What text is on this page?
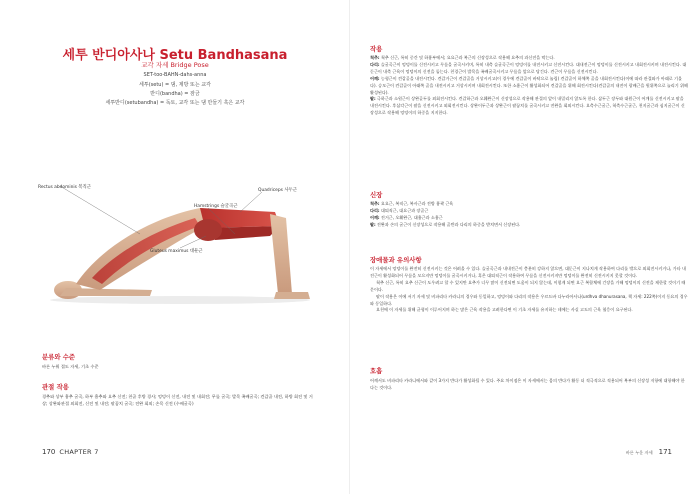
세투 반디아사나 Setu Bandhasana
교각 자세 Bridge Pose
SET-too-BAHN-dahs-anna
세투(setu) = 댐, 제방 또는 교각
반디(bandha) = 잠금
세투반디(setubandha) = 독토, 교각 또는 댐 만들기 혹은 교각
Quadriceps 사두근
Rectus abdominis 복직근
Hamstrings 슬굴곡근
Gluteus maximus 대둔근
분류와 수준
바른 누워 접도 자세, 기초 수준
관절 작용
경추와 상부 흉추 굴곡, 하부 흉추와 요추 신전; 천골 후방 경사; 엉덩이 신전, 내전 및 내회전; 무릎 굴곡; 발목 족배굴곡; 견갑골 내전, 하방 회전 및 거상; 상완와관절 외회전, 신전 및 내전; 팔꿈치 굴곡; 전완 회외; 손목 신전 (수배굴곡)
170 CHAPTER 7
작용

척추: 척추 신근, 특히 중간 및 하흉부에서; 요요근과 복근의 신장성으로 작용해 요추의 과신전을 막는다.

다리: 슬굴곡근이 엉덩이를 신전시키고 무릎을 굴곡시키며, 특히 내측 슬굴곡근이 엉덩이를 내전시키고 신전시킨다. 대내전근이 엉덩이를 신전시키고 내회전시키며 내전시킨다. 대둔근이 내측 근육이 엉덩이의 신전을 돕는다. 천경근이 발목을 족배굴곡시키고 무릎을 앞으로 당긴다. 견근이 무릎을 신전시킨다.

어깨: 능형근이 견갑골을 내전시킨다. 견갑거근이 견갑골을 거상시키고(이 경우에 견갑골이 바닥으로 눌림) 견갑골이 하체쪽 골을 내회전시킨다(이에 따라 관절와가 아래로 기울다). 승모근이 견갑골이 아래쪽 골을 내전시키고 거상시키며 내회전시킨다. 또한 소흉근이 활성화되어 견갑골을 위해 회전시킨다(견갑골의 내전이 광배근을 원위쪽으로 늘리기 위해 활성된다).

팔: 극하근과 소원근이 상완골두를 외회전시킨다. 견갑하근과 오훼완근이 신장성으로 작용해 관절의 앞이 내밀리지 않도록 한다. 삼두근 장두와 대원근이 어깨를 신전시키고 팔을 내전시킨다. 후삼각근이 팔을 신전시키고 외회전시킨다. 상완이두근과 상완근이 팔꿈치를 굴곡시키고 전완을 회외시킨다. 요측수근굴근, 척측수근굴근, 천지굴근과 심지굴근이 신장성으로 작용해 엉덩이의 하중을 지지한다.

신장

척추: 요요근, 복직근, 복사근과 전방 흉곽 근육

다리: 대퇴직근, 대요근과 장골근

어깨: 전거근, 오훼완근, 대흉근과 소흉근

팔: 전완과 손의 굴근이 신장성으로 작용해 골반과 다리의 하중을 받치면서 신장된다.

장애물과 유의사항

이 자세에서 엉덩이를 완전히 신전시키는 것은 어려울 수 있다. 슬굴곡근과 내내전근이 충분히 강하지 않으면, 대둔근이 지나치게 작용하여 다리를 밖으로 외회전시키거나, 가타 내전근이 활성화되어 무릎을 모으지만 엉덩이를 굴곡시키거나, 혹은 대퇴직근이 작용하여 무릎을 신전시키지만 엉덩이를 완전히 신전시키지 못할 것이다.

척추 신근, 특히 요추 신근이 도우려고 할 수 있지만 요추가 너무 많이 신전되면 도움이 되지 않는데, 이렇게 되면 요근 복합체에 긴장을 가해 엉덩이의 신전을 제한할 것이기 때문이다.

팔이 작용은 이에 서기 자세 및 비파리타 카라니의 경우와 동일하고, 엉덩이와 다리의 작용은 우르드바 다누라아사나(urdhva dhanurasana, 책 자세: 222쪽)이지 동요의 경우와 동일하다.

요천에 이 자세를 위해 균형이 이루어지며 하는 많은 근육 작용을 고려한다면 이 기초 자세를 유지하는 데에는 사실 고도의 근육 협응이 요구된다.

호흡
어깨서도 비파리타 카라니에서와 같이 3가지 반다가 활성화될 수 있다. 주요 차이점은 이 자세에서는 몸의 반다가 활동 더 적극적으로 적용되어 복부의 신장성 저항에 대항해야 한다는 것이다.
바른 누운 자세 171
